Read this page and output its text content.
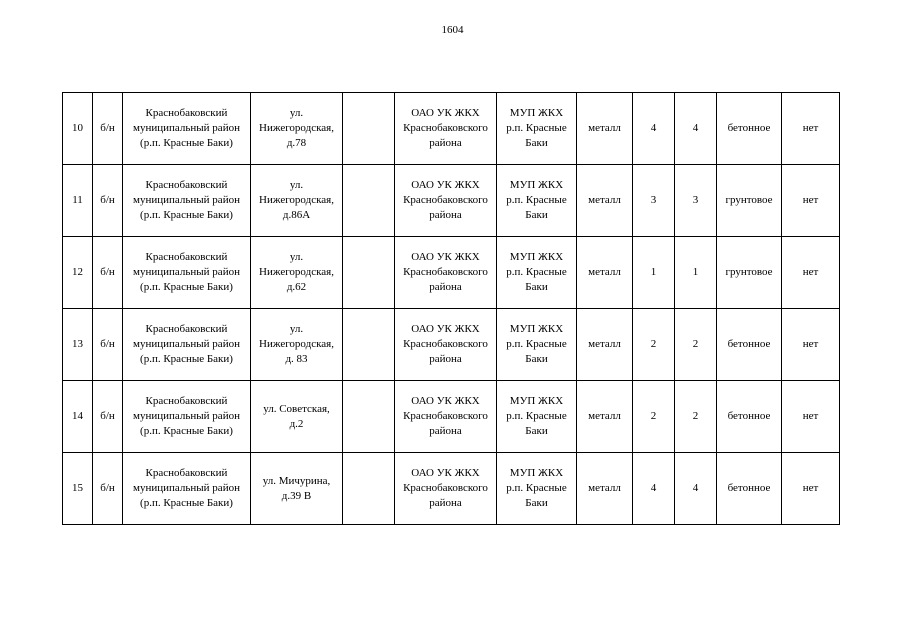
1604
10	б/н	Краснобаковский
муниципальный район
(р.п. Красные Баки)	ул.
Нижегородская,
д.78		ОАО УК ЖКХ
Краснобаковского
района	МУП ЖКХ
р.п. Красные
Баки	металл	4	4	бетонное	нет
11	б/н	Краснобаковский
муниципальный район
(р.п. Красные Баки)	ул.
Нижегородская,
д.86А		ОАО УК ЖКХ
Краснобаковского
района	МУП ЖКХ
р.п. Красные
Баки	металл	3	3	грунтовое	нет
12	б/н	Краснобаковский
муниципальный район
(р.п. Красные Баки)	ул.
Нижегородская,
д.62		ОАО УК ЖКХ
Краснобаковского
района	МУП ЖКХ
р.п. Красные
Баки	металл	1	1	грунтовое	нет
13	б/н	Краснобаковский
муниципальный район
(р.п. Красные Баки)	ул.
Нижегородская,
д. 83		ОАО УК ЖКХ
Краснобаковского
района	МУП ЖКХ
р.п. Красные
Баки	металл	2	2	бетонное	нет
14	б/н	Краснобаковский
муниципальный район
(р.п. Красные Баки)	ул. Советская,
д.2		ОАО УК ЖКХ
Краснобаковского
района	МУП ЖКХ
р.п. Красные
Баки	металл	2	2	бетонное	нет
15	б/н	Краснобаковский
муниципальный район
(р.п. Красные Баки)	ул. Мичурина,
д.39 В		ОАО УК ЖКХ
Краснобаковского
района	МУП ЖКХ
р.п. Красные
Баки	металл	4	4	бетонное	нет
